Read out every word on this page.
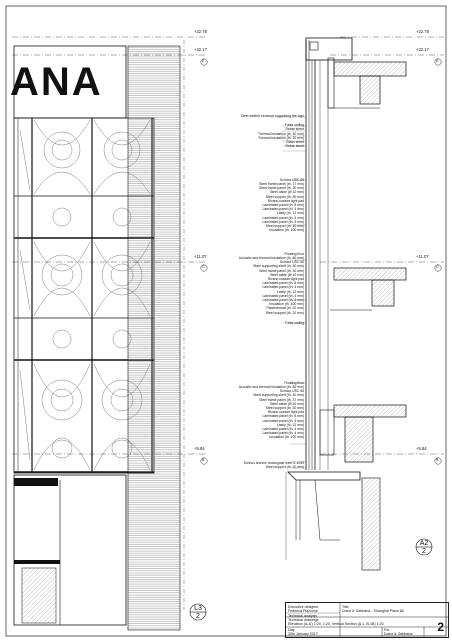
ANA
+22.78
+22.17
E
+11.07
C
+5.84
B
+22.78
+22.17
E
+11.07
C
+5.84
B
Steel welded structure supporting the logo
False ceiling
Rebar sheet
Thermal insulation (th. 40 mm)
Thermal insulation (th. 30 mm)
Glass sheet
Rebar sheet
Schüco USC 65
Steel frame panel (th. 17 mm)
Steel frame panel (th. 30 mm)
Steel cable (Ø 10 mm)
Steel support (th. 30 mm)
Rivano custom light pad
Laminated panel (th. 8 mm)
Laminated panel (th. 4 mm)
Lastly (th. 12 mm)
Laminated panel (th. 4 mm)
Laminated panel (th. 4 mm)
Steel support (th. 20 mm)
Insulation (th. 100 mm)
Floating floor
Acoustic and thermal insulation (th. 80 mm)
Schüco USC 65
Steel supporting shelf (th. 30 mm)
Steel frame panel (th. 30 mm)
Steel cable (Ø 10 mm)
Rivano custom light pad
Laminated panel (th. 8 mm)
Laminated panel (th. 4 mm)
Lastly (th. 12 mm)
Laminated panel (th. 4 mm)
Laminated panel (th. 4 mm)
Insulation (th. 100 mm)
Plasterboard (th. 20 mm)
Steel support (th. 20 mm)
False ceiling
Floating floor
Acoustic and thermal insulation (th. 80 mm)
Schüco USC 65
Steel supporting shelf (th. 30 mm)
Steel frame panel (th. 37 mm)
Steel cable (Ø 10 mm)
Steel support (th. 30 mm)
Rivano custom light pad
Laminated panel (th. 8 mm)
Laminated panel (th. 4 mm)
Lastly (th. 12 mm)
Laminated panel (th. 4 mm)
Laminated panel (th. 4 mm)
Insulation (th. 100 mm)
Schüco technic rectangular tube S-1039
Steel support (th. 20 mm)
L3
2
A2
2
Executive designer
Federica Plazzone
Technical analysis
Title
Dolce & Gabbana - Shanghai Plaza 66
Technical drawings
Elevation (A-A') 1:20, 1:20, Vertical Section (A-1, B-1B) 1:20
Day
30th January 2017
For
Dolce & Gabbana 2
